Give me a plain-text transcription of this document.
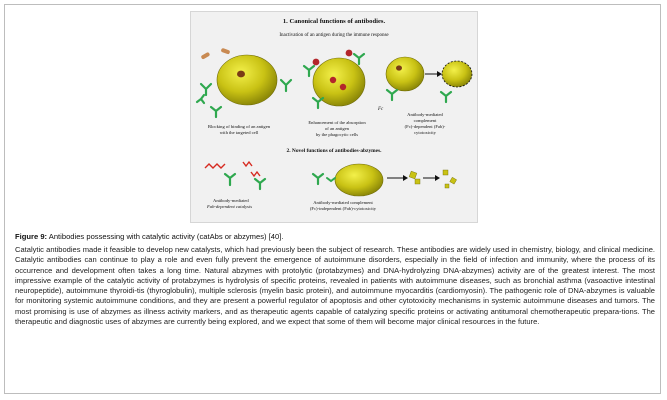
1. Canonical functions of antibodies.
Inactivation of an antigen during the immune response
Blocking of binding of an antigen
with the targeted cell
Enhancement of the absorption
of an antigen
by the phagocytic cells
Fc
Antibody-mediated
complement
(Fc)-dependent (Fab)-
cytotoxicity
2. Novel functions of antibodies-abzymes.
Antibody-mediated
Fab-dependent catalysis
Antibody-mediated complement
(Fc)-independent (Fab)-cytotoxicity

Figure 9: Antibodies possessing with catalytic activity (catAbs or abzymes) [40].

Catalytic antibodies made it feasible to develop new catalysts, which had previously been the subject of research. These antibodies are widely used in chemistry, biology, and clinical medicine. Catalytic antibodies can continue to play a role and even fully prevent the emergence of autoimmune disorders, especially in the field of infection and immunity, where the process of its occurrence and development often takes a long time. Natural abzymes with protolytic (protabzymes) and DNA-hydrolyzing DNA-abzymes) activity are of the greatest interest. The most impressive example of the catalytic activity of protabzymes is hydrolysis of specific proteins, revealed in patients with autoimmune diseases, such as bronchial asthma (vasoactive intestinal neuropeptide), autoimmune thyroidi-tis (thyroglobulin), multiple sclerosis (myelin basic protein), and autoimmune myocarditis (cardiomyosin). The pathogenic role of DNA-abzymes is valuable for monitoring systemic autoimmune conditions, and they are present a powerful regulator of apoptosis and other cytotoxicity mechanisms in systemic autoimmune diseases and tumors. The most promising is use of abzymes as illness activity markers, and as therapeutic agents capable of catalyzing specific proteins or activating antitumoral chemotherapeutic prepara-tions. The therapeutic and diagnostic uses of abzymes are currently being explored, and we expect that some of them will become major clinical resources in the future.
